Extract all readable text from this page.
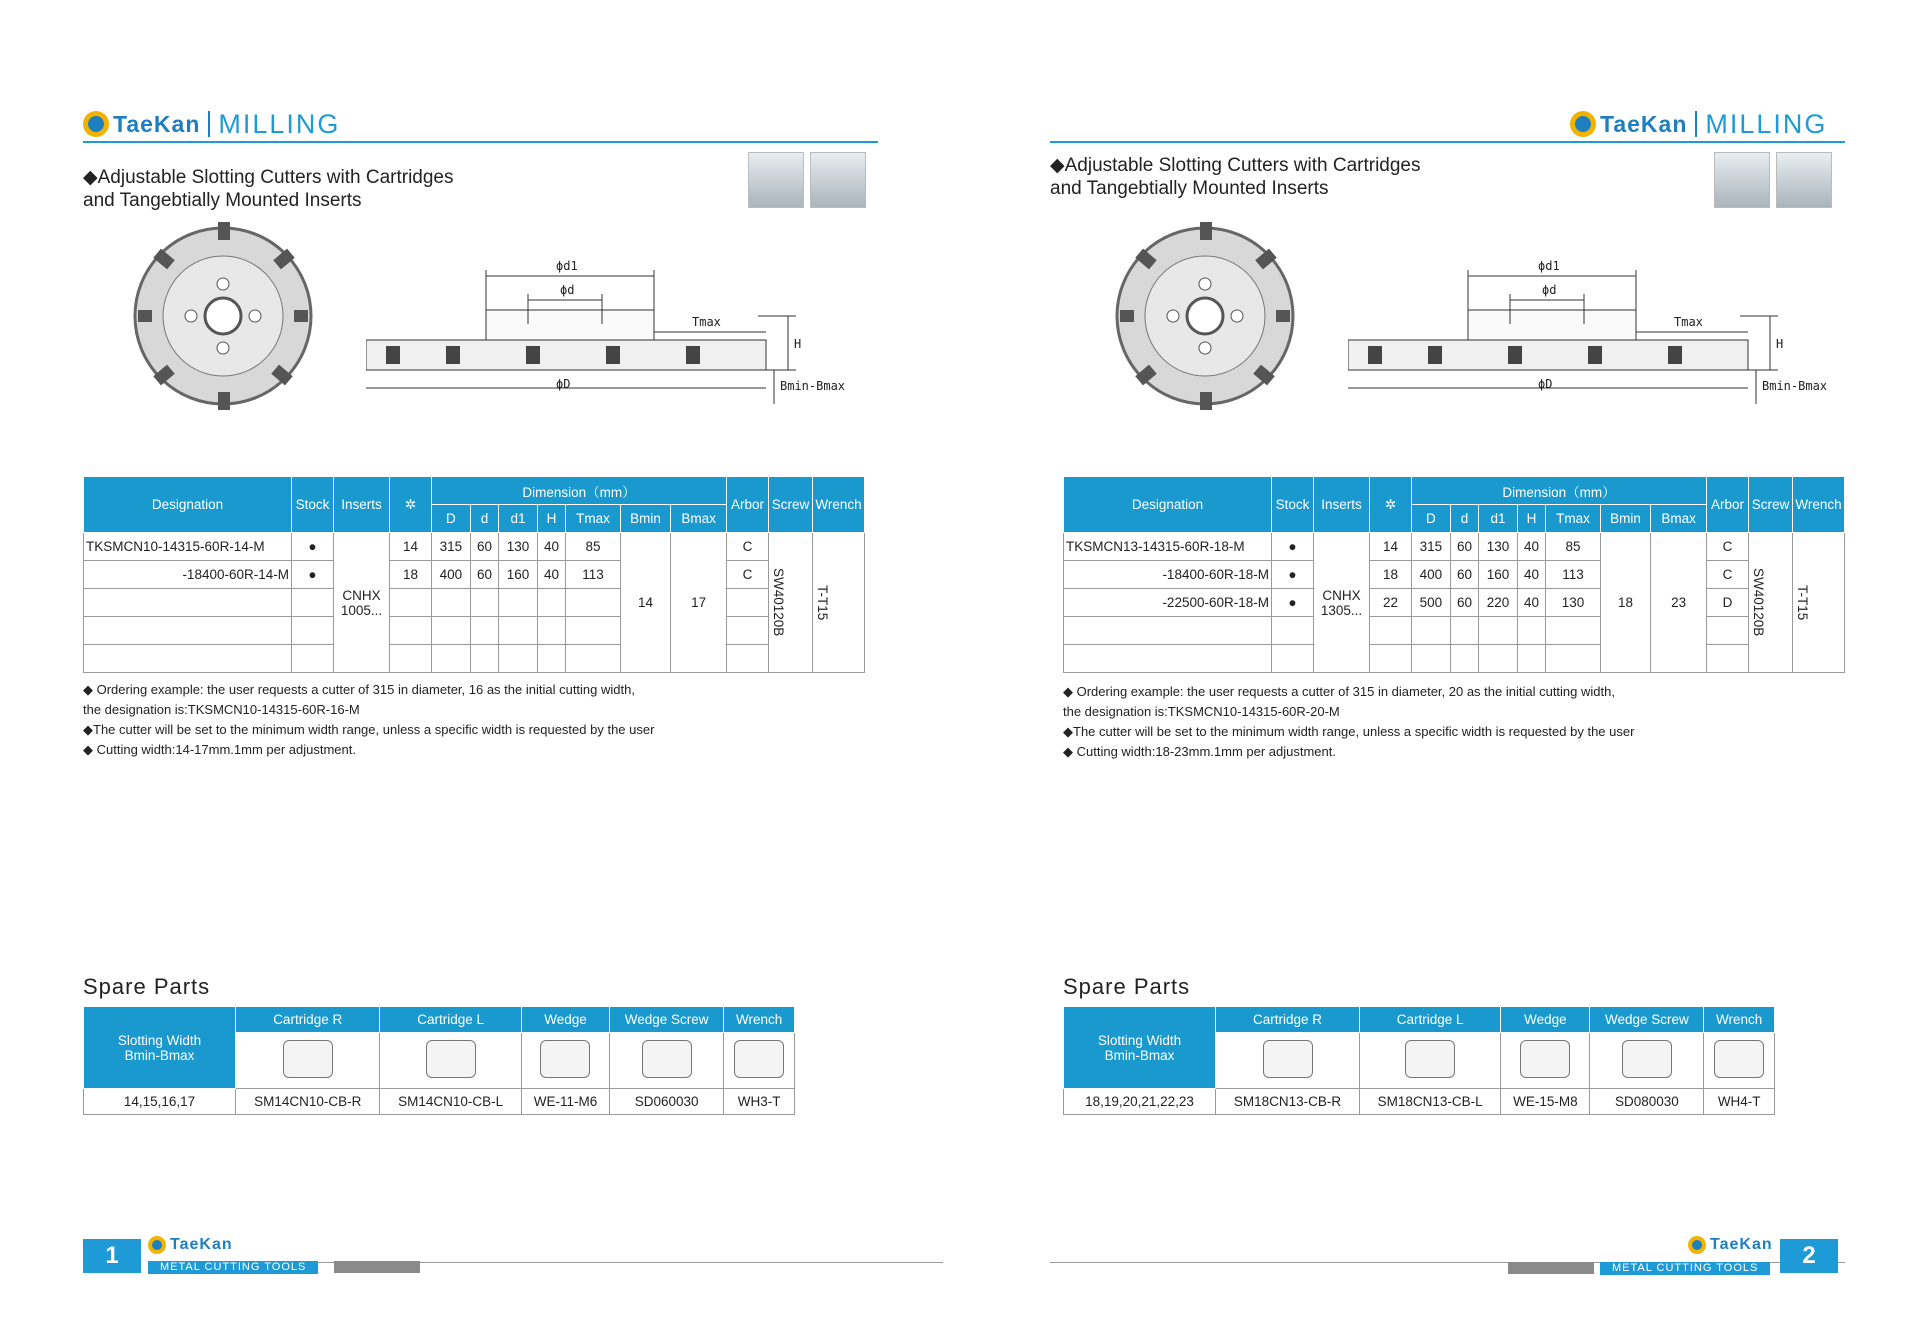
TaeKan MILLING
◆Adjustable Slotting Cutters with Cartridges
and Tangebtially Mounted Inserts
ϕd1
ϕd
Tmax
H
ϕD	Bmin-Bmax
Designation	Stock	Inserts	✲	Dimension（mm）							Arbor	Screw	Wrench
				D	d	d1	H	Tmax	Bmin	Bmax			
TKSMCN10-14315-60R-14-M	●	CNHX 1005...	14	315	60	130	40	85	14	17	C	SW40120B	T-T15

-18400-60R-14-M	●		18	400	60	160	40	113			C		

◆ Ordering example: the user requests a cutter of 315 in diameter, 16 as the initial cutting width,
the designation is:TKSMCN10-14315-60R-16-M
◆The cutter will be set to the minimum width range, unless a specific width is requested by the user
◆ Cutting width:14-17mm.1mm per adjustment.
Spare Parts
Slotting Width
Bmin-Bmax	Cartridge R	Cartridge L	Wedge	Wedge Screw	Wrench

14,15,16,17	SM14CN10-CB-R	SM14CN10-CB-L	WE-11-M6	SD060030	WH3-T
1	TaeKan
METAL CUTTING TOOLS
TaeKan MILLING
◆Adjustable Slotting Cutters with Cartridges
and Tangebtially Mounted Inserts
ϕd1
ϕd
Tmax
H
ϕD	Bmin-Bmax
Designation	Stock	Inserts	✲	Dimension（mm）							Arbor	Screw	Wrench
				D	d	d1	H	Tmax	Bmin	Bmax			
TKSMCN13-14315-60R-18-M	●	CNHX 1305...	14	315	60	130	40	85	18	23	C	SW40120B	T-T15

-18400-60R-18-M	●		18	400	60	160	40	113			C		
-22500-60R-18-M	●		22	500	60	220	40	130			D		

◆ Ordering example: the user requests a cutter of 315 in diameter, 20 as the initial cutting width,
the designation is:TKSMCN10-14315-60R-20-M
◆The cutter will be set to the minimum width range, unless a specific width is requested by the user
◆ Cutting width:18-23mm.1mm per adjustment.
Spare Parts
Slotting Width
Bmin-Bmax	Cartridge R	Cartridge L	Wedge	Wedge Screw	Wrench

18,19,20,21,22,23	SM18CN13-CB-R	SM18CN13-CB-L	WE-15-M8	SD080030	WH4-T
TaeKan
METAL CUTTING TOOLS	2
